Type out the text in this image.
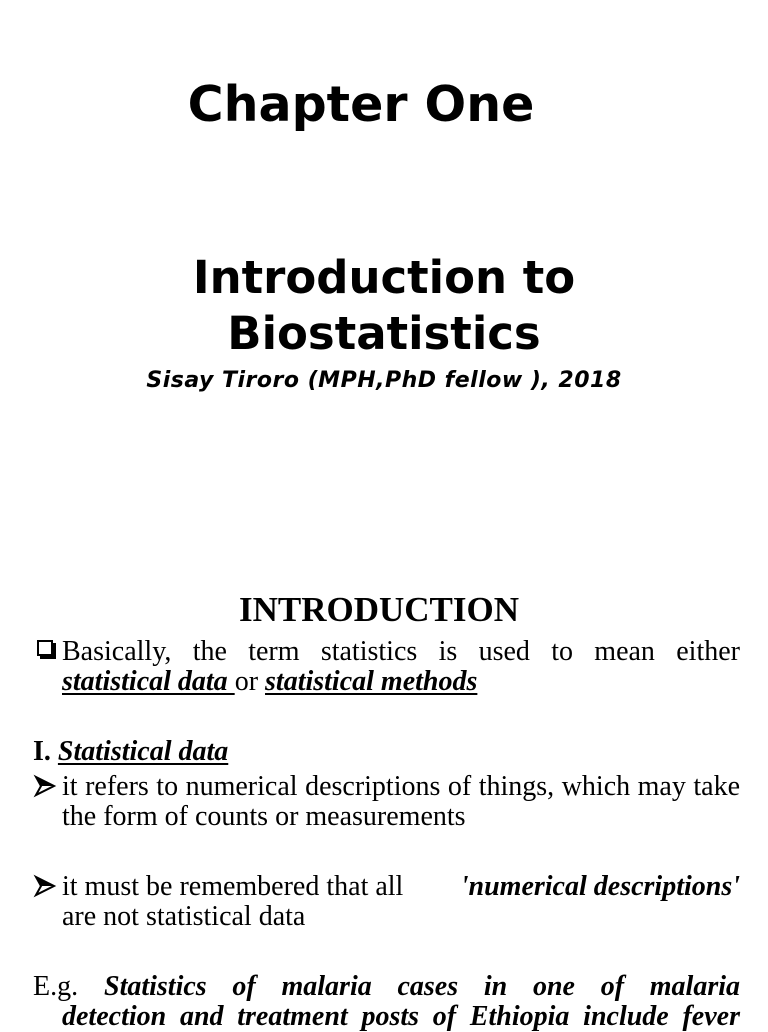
Chapter One
Introduction to
Biostatistics
Sisay Tiroro (MPH,PhD fellow ), 2018
INTRODUCTION
Basically, the term statistics is used to mean either
statistical data or statistical methods
I. Statistical data
it refers to numerical descriptions of things, which may take the form of counts or measurements
it must be remembered that all 'numerical descriptions'
are not statistical data
E.g. Statistics of malaria cases in one of malaria
detection and treatment posts of Ethiopia include fever
